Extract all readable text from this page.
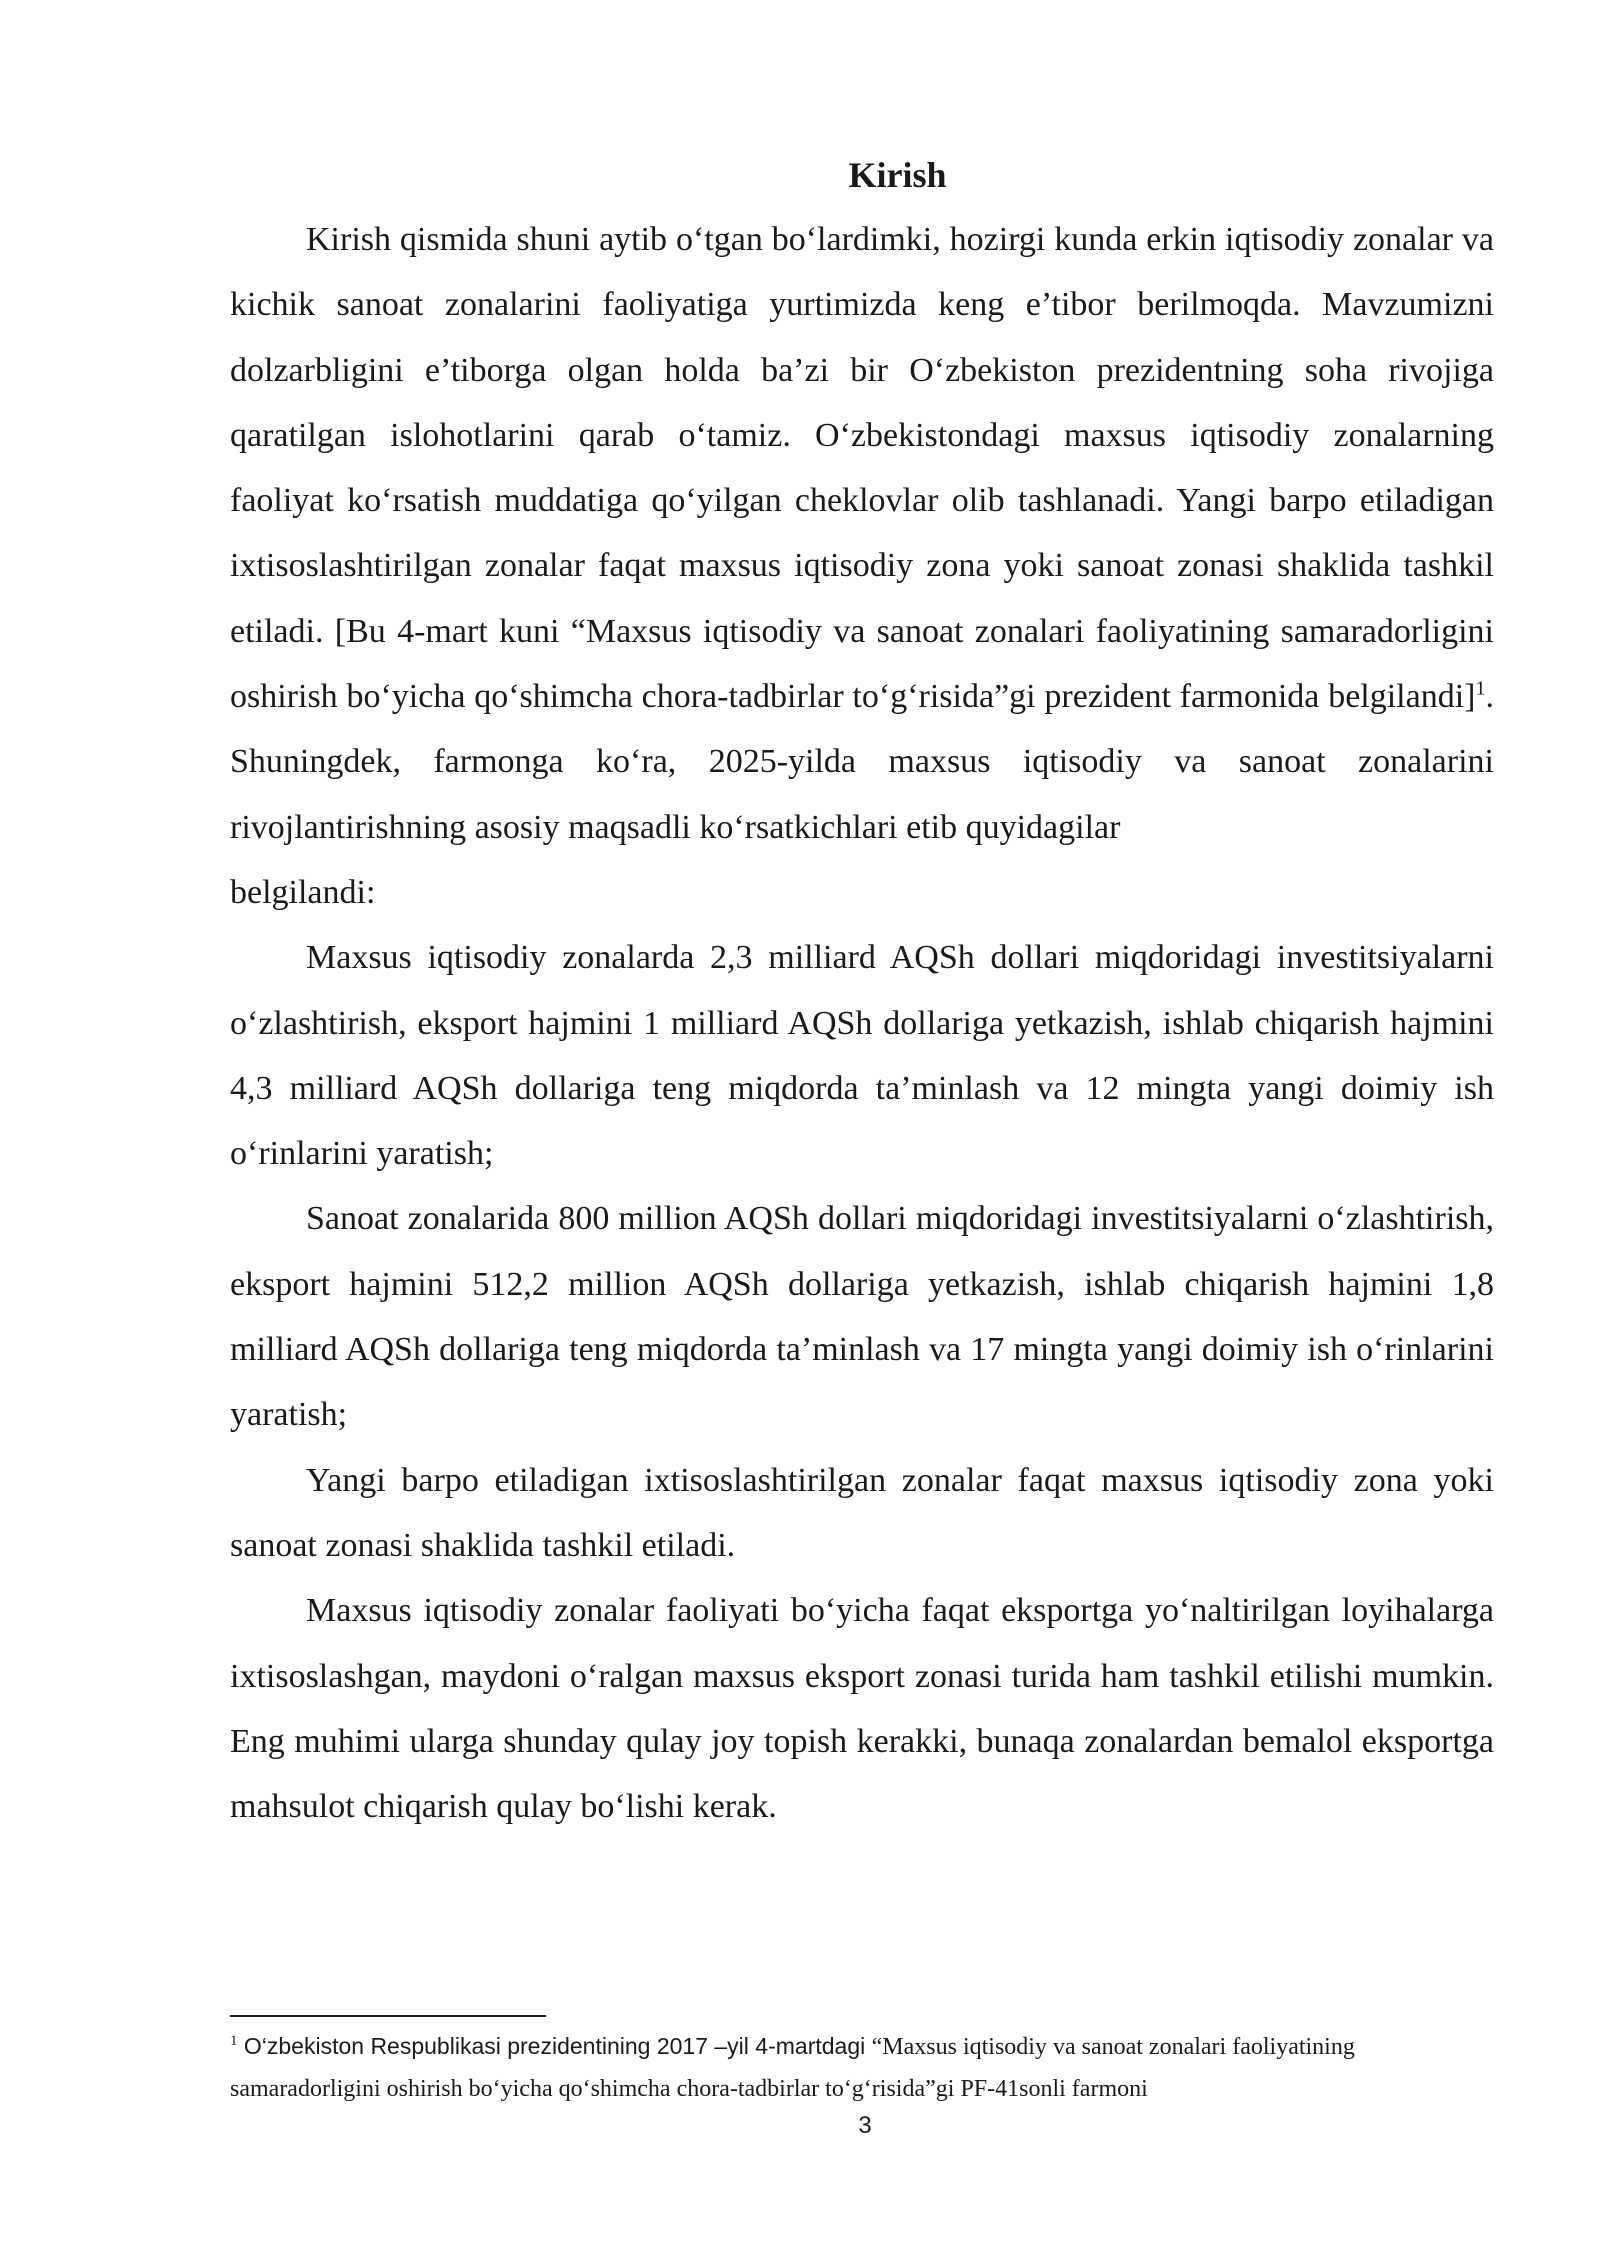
Kirish

Kirish qismida shuni aytib o‘tgan bo‘lardimki, hozirgi kunda erkin iqtisodiy zonalar va kichik sanoat zonalarini faoliyatiga yurtimizda keng e’tibor berilmoqda. Mavzumizni dolzarbligini e’tiborga olgan holda ba’zi bir O‘zbekiston prezidentning soha rivojiga qaratilgan islohotlarini qarab o‘tamiz. O‘zbekistondagi maxsus iqtisodiy zonalarning faoliyat ko‘rsatish muddatiga qo‘yilgan cheklovlar olib tashlanadi. Yangi barpo etiladigan ixtisoslashtirilgan zonalar faqat maxsus iqtisodiy zona yoki sanoat zonasi shaklida tashkil etiladi. [Bu 4-mart kuni “Maxsus iqtisodiy va sanoat zonalari faoliyatining samaradorligini oshirish bo‘yicha qo‘shimcha chora-tadbirlar to‘g‘risida”gi prezident farmonida belgilandi]$^1$. Shuningdek, farmonga ko‘ra, 2025-yilda maxsus iqtisodiy va sanoat zonalarini rivojlantirishning asosiy maqsadli ko‘rsatkichlari etib quyidagilar

belgilandi:

Maxsus iqtisodiy zonalarda 2,3 milliard AQSh dollari miqdoridagi investitsiyalarni o‘zlashtirish, eksport hajmini 1 milliard AQSh dollariga yetkazish, ishlab chiqarish hajmini 4,3 milliard AQSh dollariga teng miqdorda ta’minlash va 12 mingta yangi doimiy ish o‘rinlarini yaratish;

Sanoat zonalarida 800 million AQSh dollari miqdoridagi investitsiyalarni o‘zlashtirish, eksport hajmini 512,2 million AQSh dollariga yetkazish, ishlab chiqarish hajmini 1,8 milliard AQSh dollariga teng miqdorda ta’minlash va 17 mingta yangi doimiy ish o‘rinlarini yaratish;

Yangi barpo etiladigan ixtisoslashtirilgan zonalar faqat maxsus iqtisodiy zona yoki sanoat zonasi shaklida tashkil etiladi.

Maxsus iqtisodiy zonalar faoliyati bo‘yicha faqat eksportga yo‘naltirilgan loyihalarga ixtisoslashgan, maydoni o‘ralgan maxsus eksport zonasi turida ham tashkil etilishi mumkin. Eng muhimi ularga shunday qulay joy topish kerakki, bunaqa zonalardan bemalol eksportga mahsulot chiqarish qulay bo‘lishi kerak.

$^1$ O‘zbekiston Respublikasi prezidentining 2017 –yil 4-martdagi “Maxsus iqtisodiy va sanoat zonalari faoliyatining samaradorligini oshirish bo‘yicha qo‘shimcha chora-tadbirlar to‘g‘risida”gi PF-41sonli farmoni
3
